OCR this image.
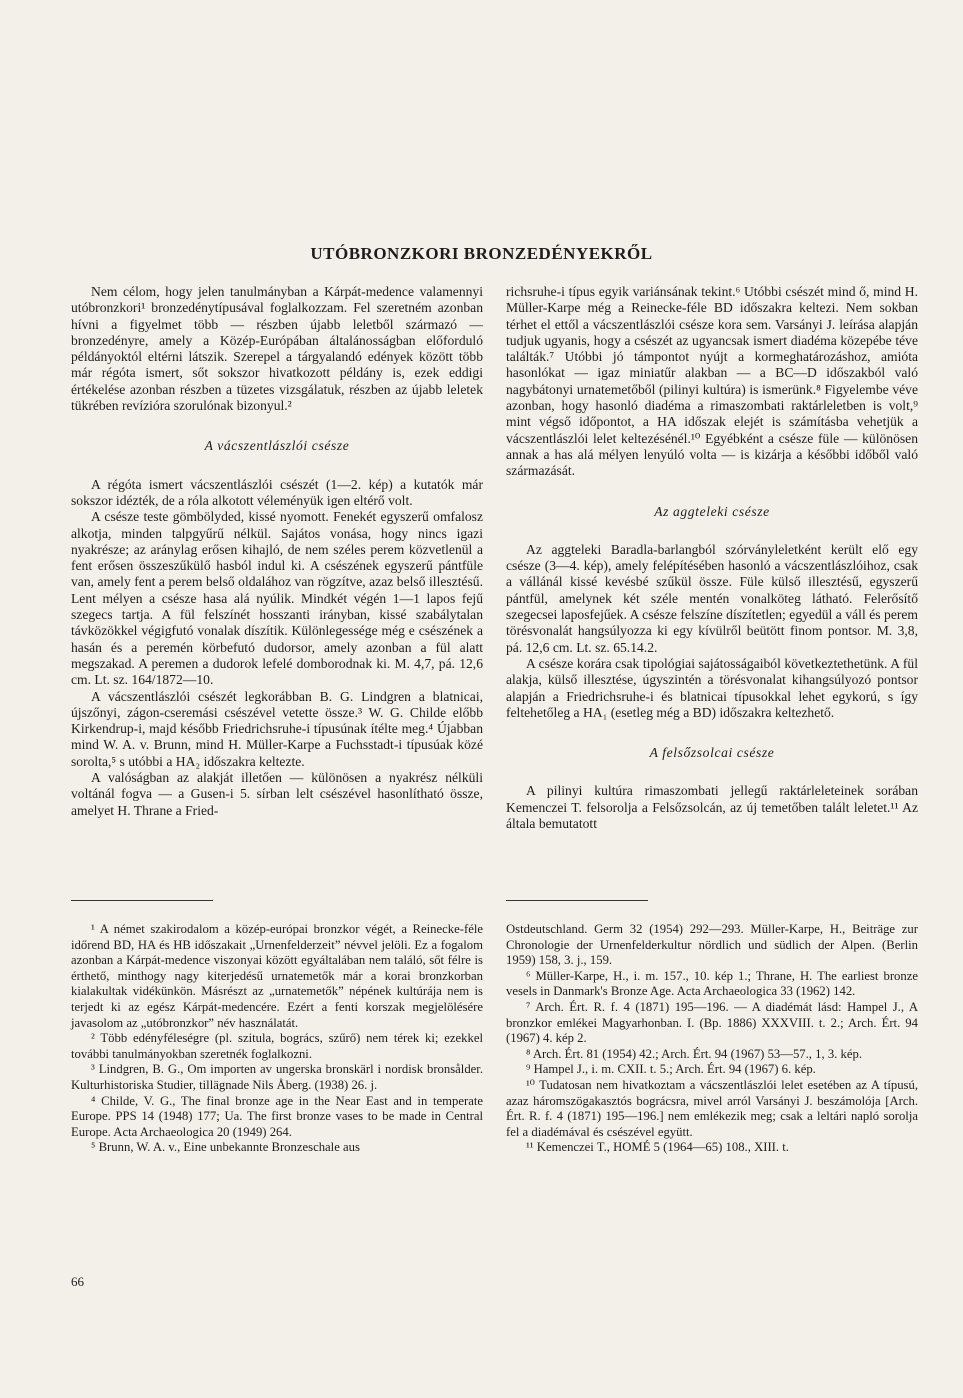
UTÓBRONZKORI BRONZEDÉNYEKRŐL

Nem célom, hogy jelen tanulmányban a Kárpát-medence valamennyi utóbronzkori¹ bronzedénytípusával foglalkozzam. Fel szeretném azonban hívni a figyelmet több — részben újabb leletből származó — bronzedényre, amely a Közép-Európában általánosságban előforduló példányoktól eltérni látszik. Szerepel a tárgyalandó edények között több már régóta ismert, sőt sokszor hivatkozott példány is, ezek eddigi értékelése azonban részben a tüzetes vizsgálatuk, részben az újabb leletek tükrében revízióra szorulónak bizonyul.²

A vácszentlászlói csésze

A régóta ismert vácszentlászlói csészét (1—2. kép) a kutatók már sokszor idézték, de a róla alkotott véleményük igen eltérő volt.

A csésze teste gömbölyded, kissé nyomott. Fenekét egyszerű omfalosz alkotja, minden talpgyűrű nélkül. Sajátos vonása, hogy nincs igazi nyakrésze; az aránylag erősen kihajló, de nem széles perem közvetlenül a fent erősen összeszűkülő hasból indul ki. A csészének egyszerű pántfüle van, amely fent a perem belső oldalához van rögzítve, azaz belső illesztésű. Lent mélyen a csésze hasa alá nyúlik. Mindkét végén 1—1 lapos fejű szegecs tartja. A fül felszínét hosszanti irányban, kissé szabálytalan távközökkel végigfutó vonalak díszítik. Különlegessége még e csészének a hasán és a peremén körbefutó dudorsor, amely azonban a fül alatt megszakad. A peremen a dudorok lefelé domborodnak ki. M. 4,7, pá. 12,6 cm. Lt. sz. 164/1872—10.

A vácszentlászlói csészét legkorábban B. G. Lindgren a blatnicai, újszőnyi, zágon-cseremási csészével vetette össze.³ W. G. Childe előbb Kirkendrup-i, majd később Friedrichsruhe-i típusúnak ítélte meg.⁴ Újabban mind W. A. v. Brunn, mind H. Müller-Karpe a Fuchsstadt-i típusúak közé sorolta,⁵ s utóbbi a HA₂ időszakra keltezte.

A valóságban az alakját illetően — különösen a nyakrész nélküli voltánál fogva — a Gusen-i 5. sírban lelt csészével hasonlítható össze, amelyet H. Thrane a Fried-

richsruhe-i típus egyik variánsának tekint.⁶ Utóbbi csészét mind ő, mind H. Müller-Karpe még a Reinecke-féle BD időszakra keltezi. Nem sokban térhet el ettől a vácszentlászlói csésze kora sem. Varsányi J. leírása alapján tudjuk ugyanis, hogy a csészét az ugyancsak ismert diadéma közepébe téve találták.⁷ Utóbbi jó támpontot nyújt a kormeghatározáshoz, amióta hasonlókat — igaz miniatűr alakban — a BC—D időszakból való nagybátonyi urnatemetőből (pilinyi kultúra) is ismerünk.⁸ Figyelembe véve azonban, hogy hasonló diadéma a rimaszombati raktárleletben is volt,⁹ mint végső időpontot, a HA időszak elejét is számításba vehetjük a vácszentlászlói lelet keltezésénél.¹⁰ Egyébként a csésze füle — különösen annak a has alá mélyen lenyúló volta — is kizárja a későbbi időből való származását.

Az aggteleki csésze

Az aggteleki Baradla-barlangból szórványleletként került elő egy csésze (3—4. kép), amely felépítésében hasonló a vácszentlászlóihoz, csak a vállánál kissé kevésbé szűkül össze. Füle külső illesztésű, egyszerű pántfül, amelynek két széle mentén vonalköteg látható. Felerősítő szegecsei laposfejűek. A csésze felszíne díszítetlen; egyedül a váll és perem törésvonalát hangsúlyozza ki egy kívülről beütött finom pontsor. M. 3,8, pá. 12,6 cm. Lt. sz. 65.14.2.

A csésze korára csak tipológiai sajátosságaiból következtethetünk. A fül alakja, külső illesztése, úgyszintén a törésvonalat kihangsúlyozó pontsor alapján a Friedrichsruhe-i és blatnicai típusokkal lehet egykorú, s így feltehetőleg a HA₁ (esetleg még a BD) időszakra keltezhető.

A felsőzsolcai csésze

A pilinyi kultúra rimaszombati jellegű raktárleleteinek sorában Kemenczei T. felsorolja a Felsőzsolcán, az új temetőben talált leletet.¹¹ Az általa bemutatott

¹ A német szakirodalom a közép-európai bronzkor végét, a Reinecke-féle időrend BD, HA és HB időszakait „Urnenfelderzeit” névvel jelöli. Ez a fogalom azonban a Kárpát-medence viszonyai között egyáltalában nem találó, sőt félre is érthető, minthogy nagy kiterjedésű urnatemetők már a korai bronzkorban kialakultak vidékünkön. Másrészt az „urnatemetők” népének kultúrája nem is terjedt ki az egész Kárpát-medencére. Ezért a fenti korszak megjelölésére javasolom az „utóbronzkor” név használatát.

² Több edényféleségre (pl. szitula, bogrács, szűrő) nem térek ki; ezekkel további tanulmányokban szeretnék foglalkozni.

³ Lindgren, B. G., Om importen av ungerska bronskärl i nordisk bronsålder. Kulturhistoriska Studier, tillägnade Nils Åberg. (1938) 26. j.

⁴ Childe, V. G., The final bronze age in the Near East and in temperate Europe. PPS 14 (1948) 177; Ua. The first bronze vases to be made in Central Europe. Acta Archaeologica 20 (1949) 264.

⁵ Brunn, W. A. v., Eine unbekannte Bronzeschale aus

Ostdeutschland. Germ 32 (1954) 292—293. Müller-Karpe, H., Beiträge zur Chronologie der Urnenfelderkultur nördlich und südlich der Alpen. (Berlin 1959) 158, 3. j., 159.

⁶ Müller-Karpe, H., i. m. 157., 10. kép 1.; Thrane, H. The earliest bronze vesels in Danmark's Bronze Age. Acta Archaeologica 33 (1962) 142.

⁷ Arch. Ért. R. f. 4 (1871) 195—196. — A diadémát lásd: Hampel J., A bronzkor emlékei Magyarhonban. I. (Bp. 1886) XXXVIII. t. 2.; Arch. Ért. 94 (1967) 4. kép 2.

⁸ Arch. Ért. 81 (1954) 42.; Arch. Ért. 94 (1967) 53—57., 1, 3. kép.

⁹ Hampel J., i. m. CXII. t. 5.; Arch. Ért. 94 (1967) 6. kép.

¹⁰ Tudatosan nem hivatkoztam a vácszentlászlói lelet esetében az A típusú, azaz háromszögakasztós bográcsra, mivel arról Varsányi J. beszámolója [Arch. Ért. R. f. 4 (1871) 195—196.] nem emlékezik meg; csak a leltári napló sorolja fel a diadémával és csészével együtt.

¹¹ Kemenczei T., HOMÉ 5 (1964—65) 108., XIII. t.

66
